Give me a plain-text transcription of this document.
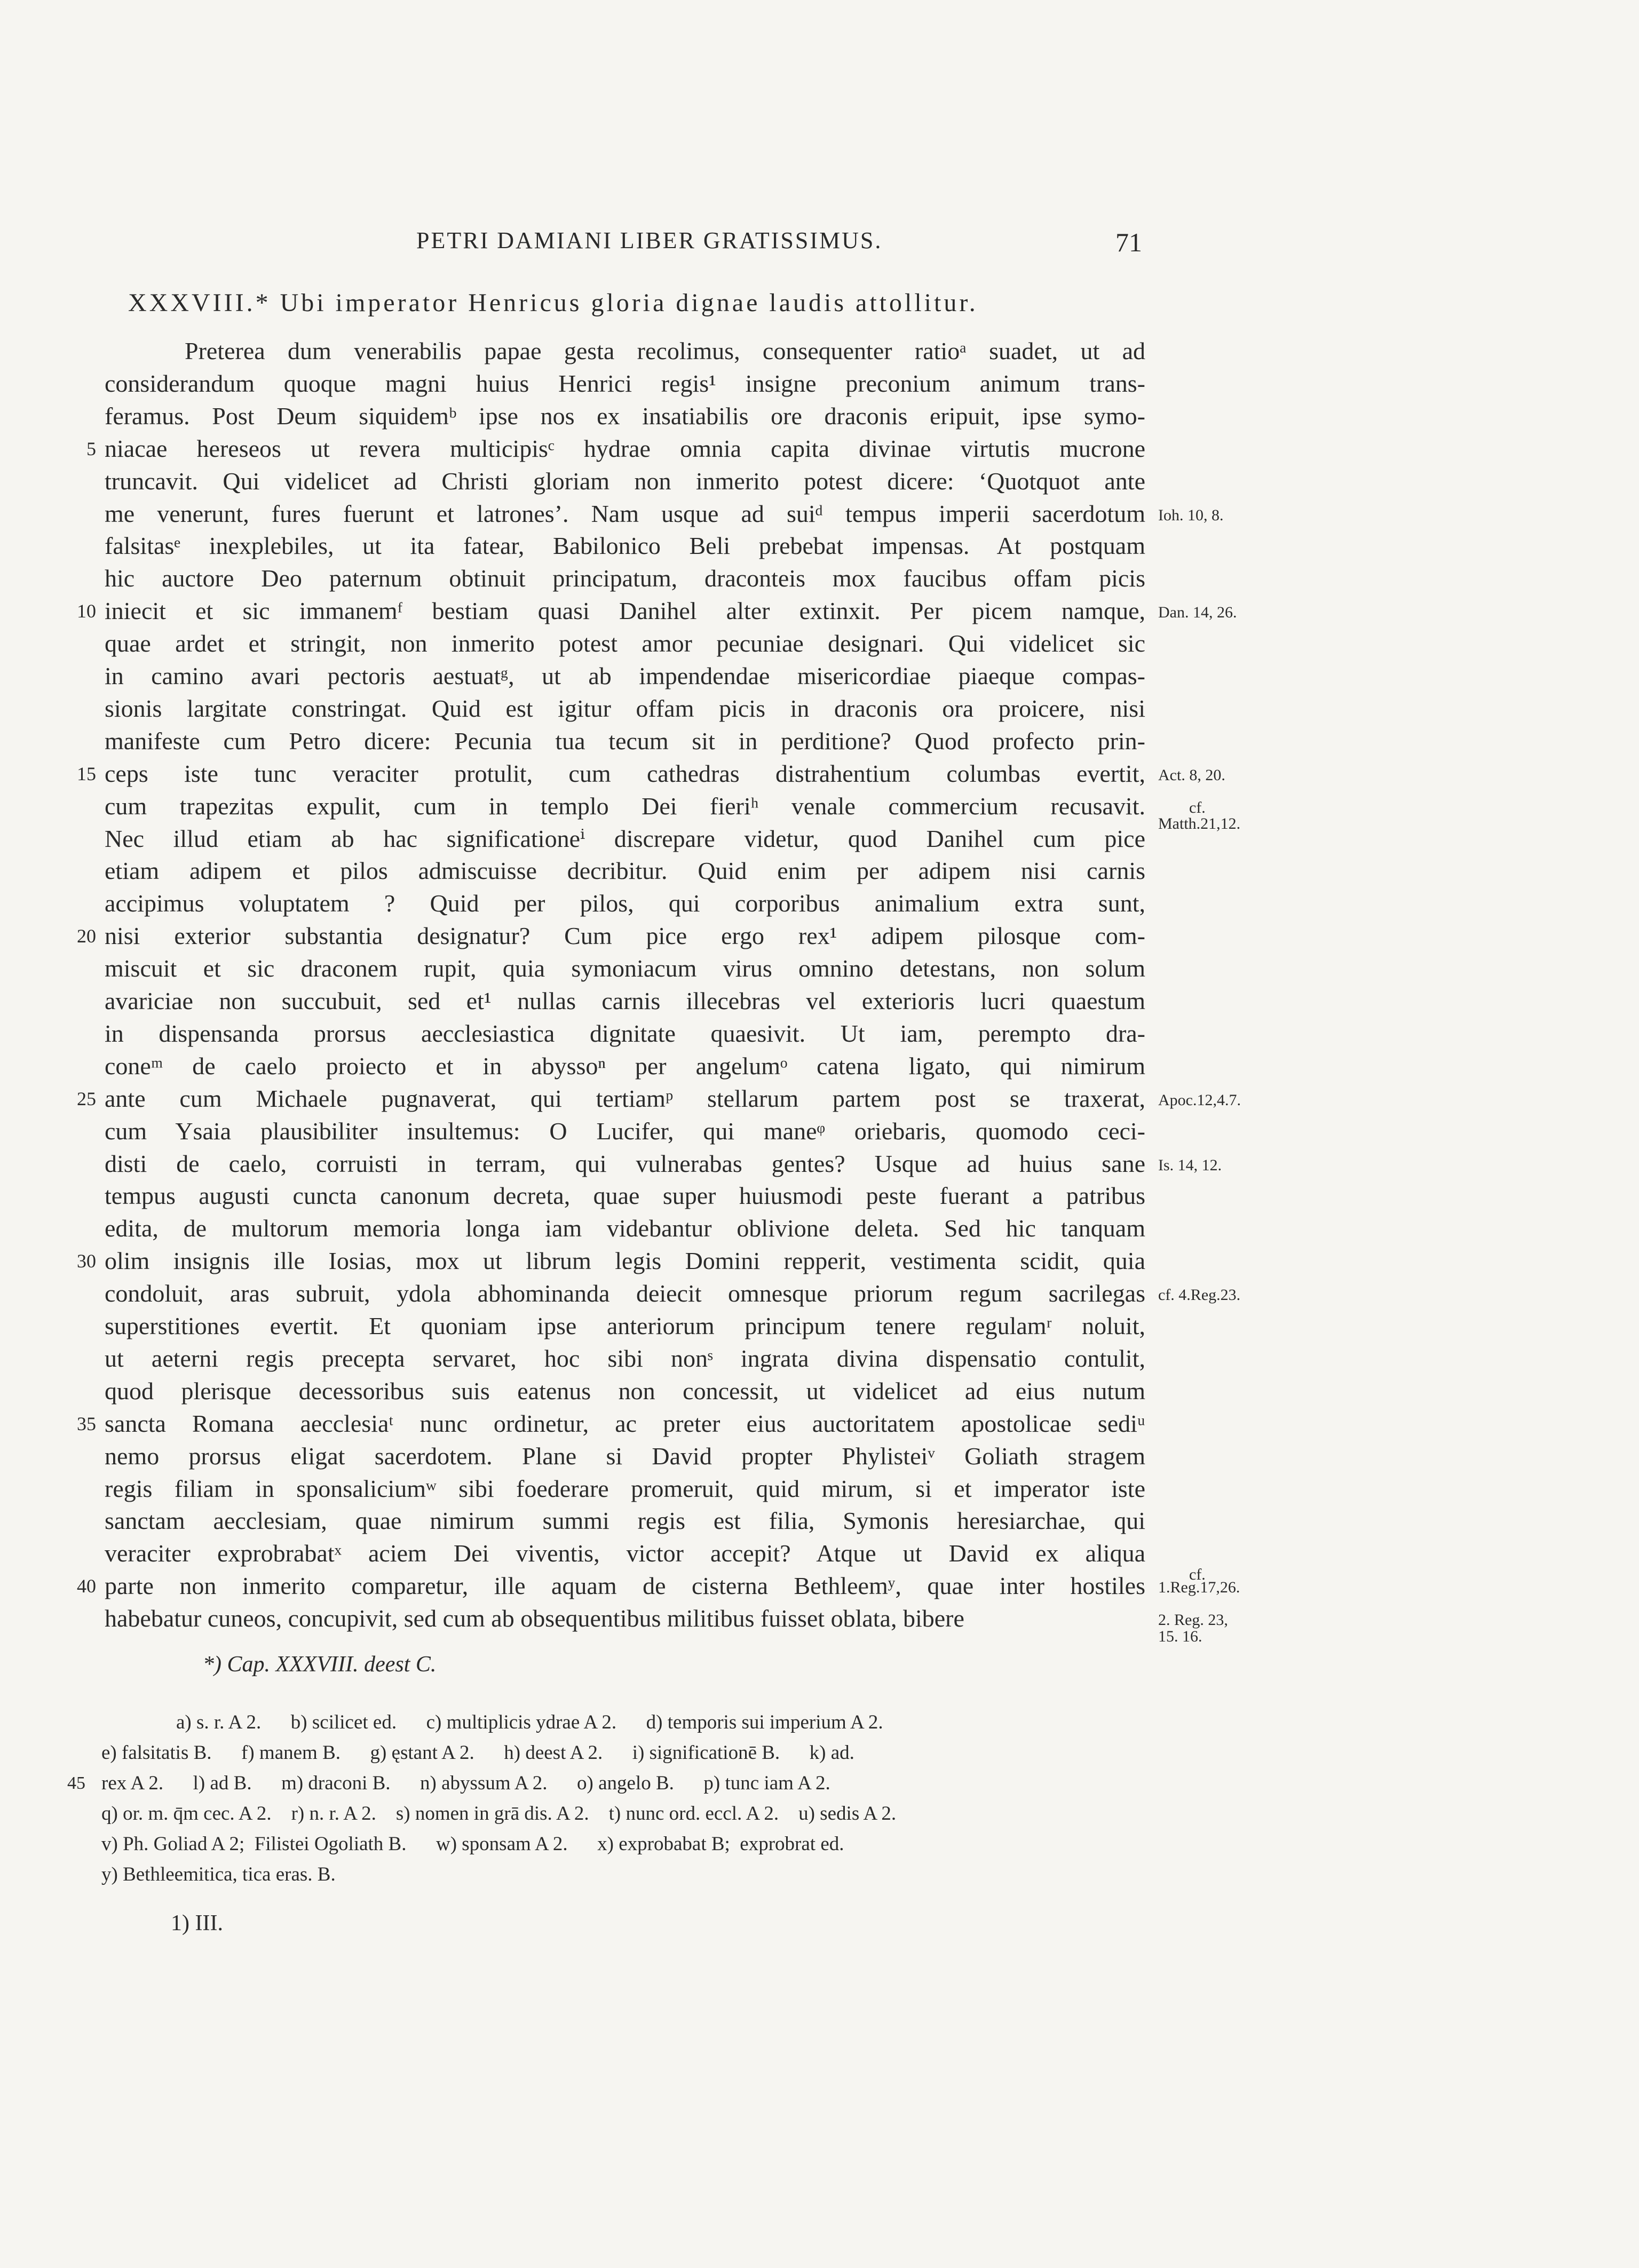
PETRI DAMIANI LIBER GRATISSIMUS.	71
XXXVIII.* Ubi imperator Henricus gloria dignae laudis attollitur.
Preterea dum venerabilis papae gesta recolimus, consequenter ratioᵃ suadet, ut ad
considerandum quoque magni huius Henrici regis¹ insigne preconium animum trans-
feramus. Post Deum siquidemᵇ ipse nos ex insatiabilis ore draconis eripuit, ipse symo-
5 niacae hereseos ut revera multicipisᶜ hydrae omnia capita divinae virtutis mucrone
truncavit. Qui videlicet ad Christi gloriam non inmerito potest dicere: ‘Quotquot ante
me venerunt, fures fuerunt et latrones’. Nam usque ad suiᵈ tempus imperii sacerdotum
falsitasᵉ inexplebiles, ut ita fatear, Babilonico Beli prebebat impensas. At postquam
hic auctore Deo paternum obtinuit principatum, draconteis mox faucibus offam picis
10 iniecit et sic immanemᶠ bestiam quasi Danihel alter extinxit. Per picem namque,
quae ardet et stringit, non inmerito potest amor pecuniae designari. Qui videlicet sic
in camino avari pectoris aestuatᵍ, ut ab impendendae misericordiae piaeque compas-
sionis largitate constringat. Quid est igitur offam picis in draconis ora proicere, nisi
manifeste cum Petro dicere: Pecunia tua tecum sit in perditione? Quod profecto prin-
15 ceps iste tunc veraciter protulit, cum cathedras distrahentium columbas evertit,
cum trapezitas expulit, cum in templo Dei fieriʰ venale commercium recusavit.
Nec illud etiam ab hac significationeⁱ discrepare videtur, quod Danihel cum pice
etiam adipem et pilos admiscuisse decribitur. Quid enim per adipem nisi carnis
accipimus voluptatem ? Quid per pilos, qui corporibus animalium extra sunt,
20 nisi exterior substantia designatur? Cum pice ergo rex¹ adipem pilosque com-
miscuit et sic draconem rupit, quia symoniacum virus omnino detestans, non solum
avariciae non succubuit, sed et¹ nullas carnis illecebras vel exterioris lucri quaestum
in dispensanda prorsus aecclesiastica dignitate quaesivit. Ut iam, perempto dra-
coneᵐ de caelo proiecto et in abyssoⁿ per angelumᵒ catena ligato, qui nimirum
25 ante cum Michaele pugnaverat, qui tertiamᵖ stellarum partem post se traxerat,
cum Ysaia plausibiliter insultemus: O Lucifer, qui maneᵠ oriebaris, quomodo ceci-
disti de caelo, corruisti in terram, qui vulnerabas gentes? Usque ad huius sane
tempus augusti cuncta canonum decreta, quae super huiusmodi peste fuerant a patribus
edita, de multorum memoria longa iam videbantur oblivione deleta. Sed hic tanquam
30 olim insignis ille Iosias, mox ut librum legis Domini repperit, vestimenta scidit, quia
condoluit, aras subruit, ydola abhominanda deiecit omnesque priorum regum sacrilegas
superstitiones evertit. Et quoniam ipse anteriorum principum tenere regulamʳ noluit,
ut aeterni regis precepta servaret, hoc sibi nonˢ ingrata divina dispensatio contulit,
quod plerisque decessoribus suis eatenus non concessit, ut videlicet ad eius nutum
35 sancta Romana aecclesiaᵗ nunc ordinetur, ac preter eius auctoritatem apostolicae sediᵘ
nemo prorsus eligat sacerdotem. Plane si David propter Phylisteiᵛ Goliath stragem
regis filiam in sponsaliciumʷ sibi foederare promeruit, quid mirum, si et imperator iste
sanctam aecclesiam, quae nimirum summi regis est filia, Symonis heresiarchae, qui
veraciter exprobrabatˣ aciem Dei viventis, victor accepit? Atque ut David ex aliqua
40 parte non inmerito comparetur, ille aquam de cisterna Bethleemʸ, quae inter hostiles
habebatur cuneos, concupivit, sed cum ab obsequentibus militibus fuisset oblata, bibere
Ioh. 10, 8.
Dan. 14, 26.
Act. 8, 20.
cf.
Matth.21,12.
Apoc.12,4.7.
Is. 14, 12.
cf. 4.Reg.23.
cf.
1.Reg.17,26.
2. Reg. 23,
15. 16.
*) Cap. XXXVIII. deest C.
a) s. r. A 2.      b) scilicet ed.      c) multiplicis ydrae A 2.      d) temporis sui imperium A 2.
e) falsitatis B.      f) manem B.      g) ęstant A 2.      h) deest A 2.      i) significationē B.      k) ad.
rex A 2.      l) ad B.      m) draconi B.      n) abyssum A 2.      o) angelo B.      p) tunc iam A 2.
45
q) or. m. q̄m cec. A 2.    r) n. r. A 2.    s) nomen in grā dis. A 2.    t) nunc ord. eccl. A 2.    u) sedis A 2.
v) Ph. Goliad A 2;  Filistei Ogoliath B.      w) sponsam A 2.      x) exprobabat B;  exprobrat ed.
y) Bethleemitica, tica eras. B.
1) III.
